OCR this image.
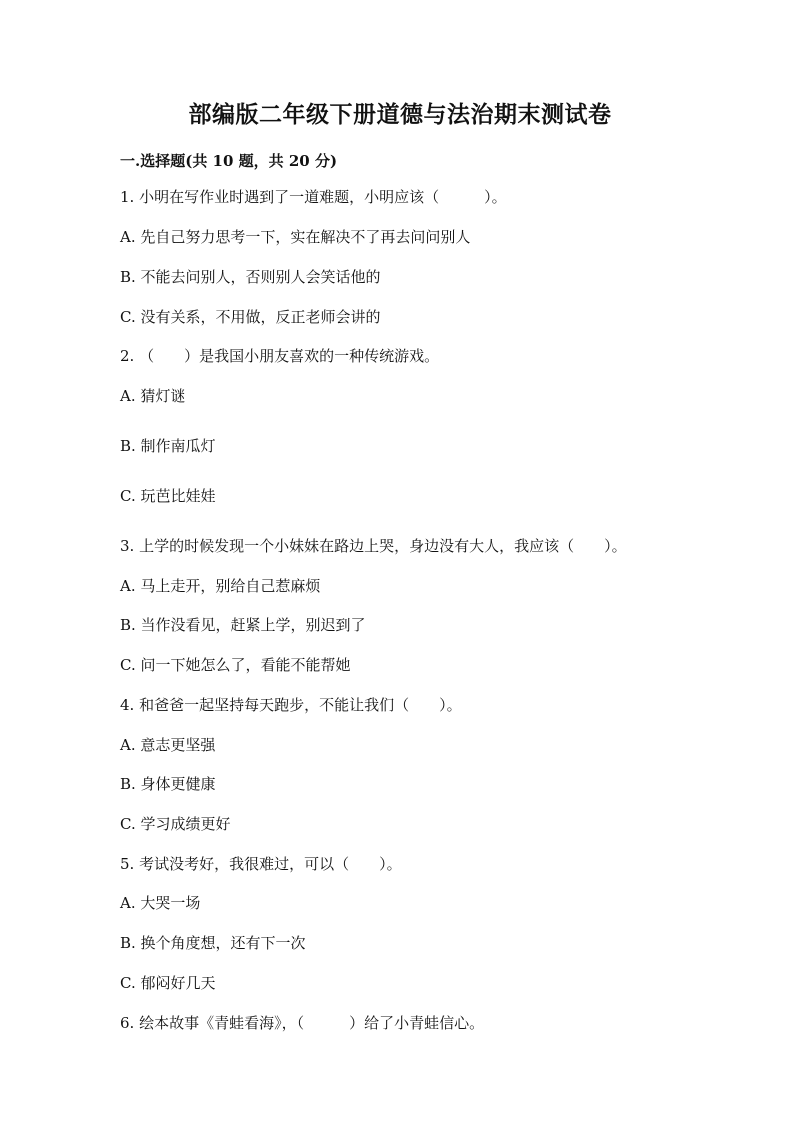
部编版二年级下册道德与法治期末测试卷
一.选择题(共 10 题，共 20 分)
1. 小明在写作业时遇到了一道难题，小明应该（　　　）。
A. 先自己努力思考一下，实在解决不了再去问问别人
B. 不能去问别人，否则别人会笑话他的
C. 没有关系，不用做，反正老师会讲的
2. （　　）是我国小朋友喜欢的一种传统游戏。
A. 猜灯谜
B. 制作南瓜灯
C. 玩芭比娃娃
3. 上学的时候发现一个小妹妹在路边上哭，身边没有大人，我应该（　　）。
A. 马上走开，别给自己惹麻烦
B. 当作没看见，赶紧上学，别迟到了
C. 问一下她怎么了，看能不能帮她
4. 和爸爸一起坚持每天跑步，不能让我们（　　）。
A. 意志更坚强
B. 身体更健康
C. 学习成绩更好
5. 考试没考好，我很难过，可以（　　）。
A. 大哭一场
B. 换个角度想，还有下一次
C. 郁闷好几天
6. 绘本故事《青蛙看海》，（　　　）给了小青蛙信心。
